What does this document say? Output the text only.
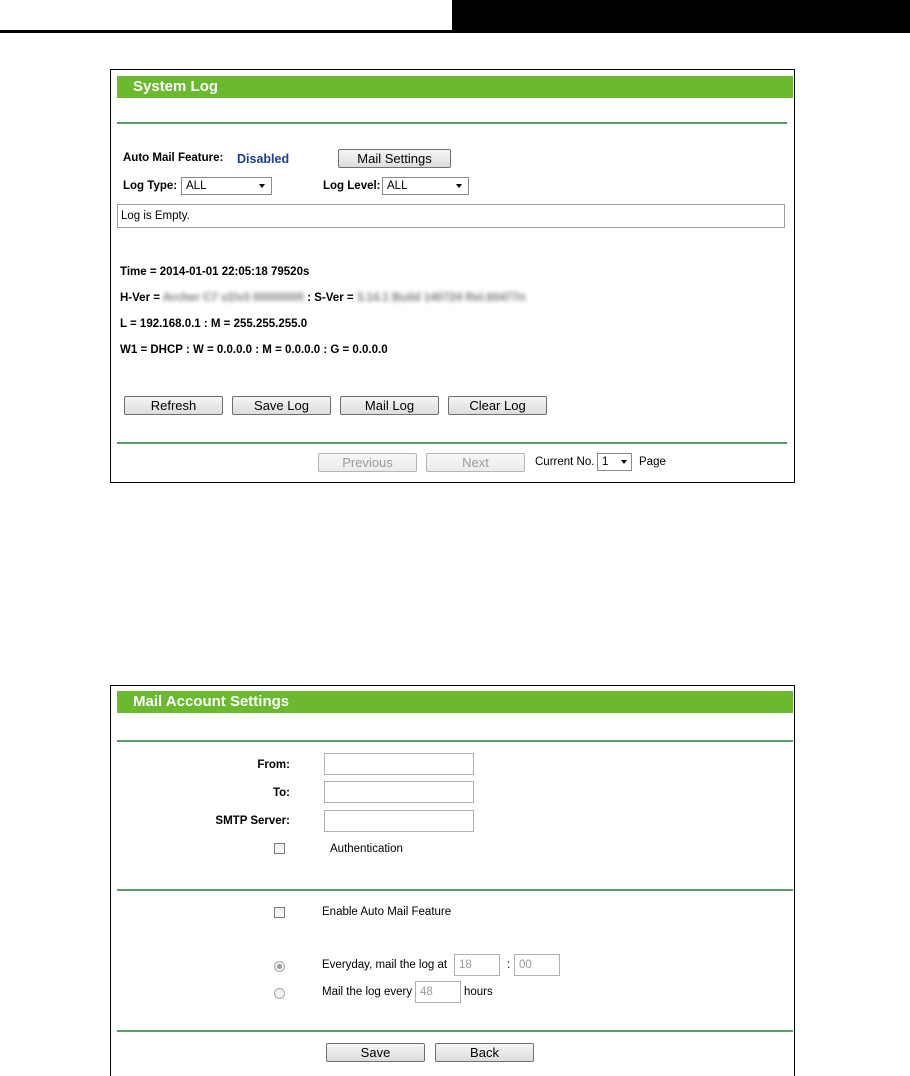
System Log
Auto Mail Feature: Disabled	Mail Settings
Log Type: ALL	Log Level: ALL
Log is Empty.
Time = 2014-01-01 22:05:18 79520s
H-Ver = Archer C7 v2/v3 00000000 : S-Ver = 3.14.1 Build 140724 Rel.60477n
L = 192.168.0.1 : M = 255.255.255.0
W1 = DHCP : W = 0.0.0.0 : M = 0.0.0.0 : G = 0.0.0.0
Refresh	Save Log	Mail Log	Clear Log
Previous	Next	Current No. 1	Page
Mail Account Settings
From:
To:
SMTP Server:
Authentication
Enable Auto Mail Feature
Everyday, mail the log at
18	:
00
Mail the log every
48	hours
Save	Back
